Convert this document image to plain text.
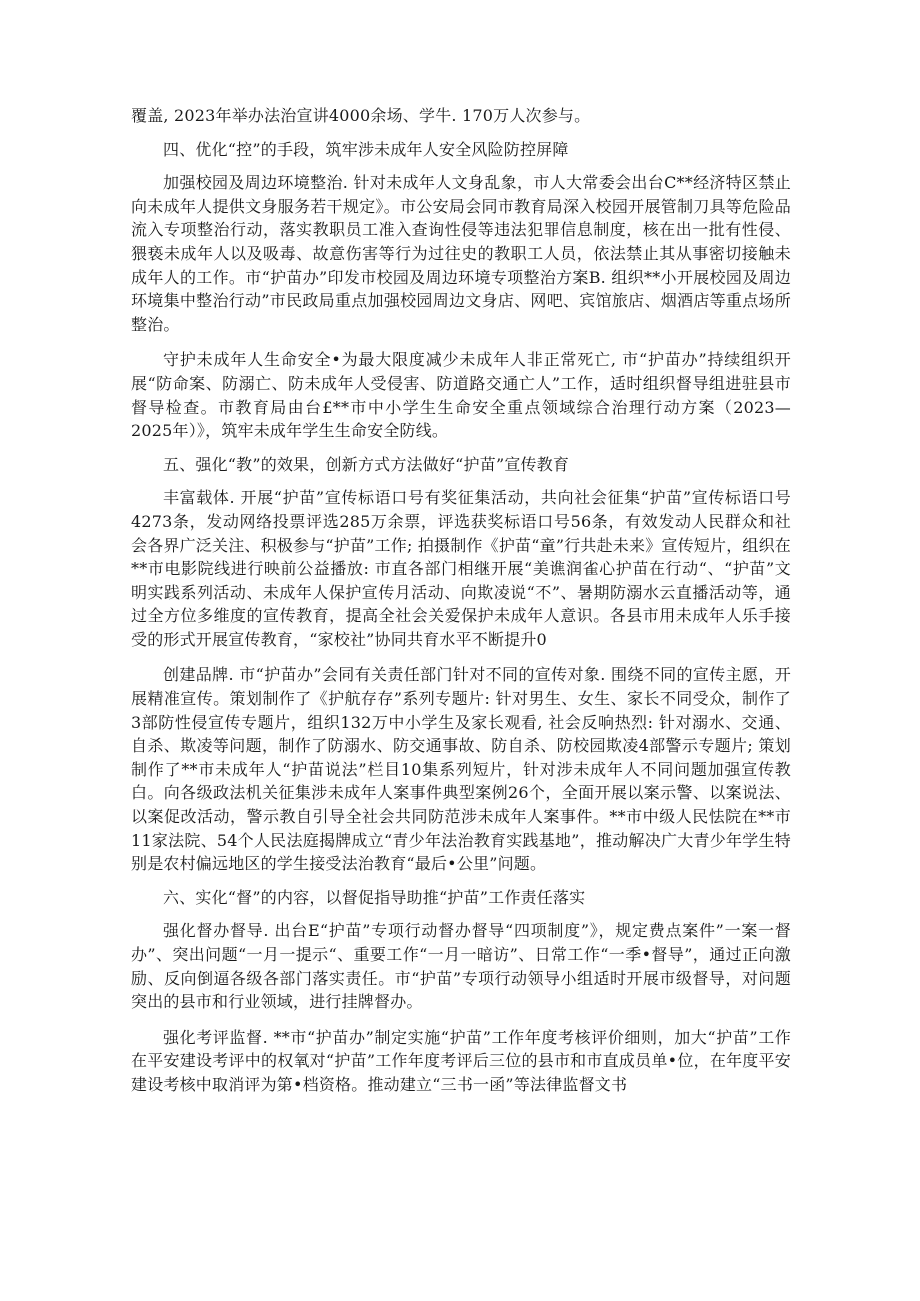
覆盖, 2023年举办法治宣讲4000余场、学牛. 170万人次参与。

四、优化“控”的手段，筑牢涉未成年人安全风险防控屏障

加强校园及周边环境整治. 针对未成年人文身乱象，市人大常委会出台C**经济特区禁止向未成年人提供文身服务若干规定》。市公安局会同市教育局深入校园开展管制刀具等危险品流入专项整治行动，落实教职员工准入查询性侵等违法犯罪信息制度，核在出一批有性侵、猥亵未成年人以及吸毒、故意伤害等行为过往史的教职工人员，依法禁止其从事密切接触未成年人的工作。市“护苗办”印发市校园及周边环境专项整治方案B. 组织**小开展校园及周边环境集中整治行动”市民政局重点加强校园周边文身店、网吧、宾馆旅店、烟酒店等重点场所整治。

守护未成年人生命安全•为最大限度减少未成年人非正常死亡, 市“护苗办”持续组织开展“防命案、防溺亡、防未成年人受侵害、防道路交通亡人”工作，适时组织督导组进驻县市督导检查。市教育局由台£**市中小学生生命安全重点领域综合治理行动方案（2023—2025年）》，筑牢未成年学生生命安全防线。

五、强化“教”的效果，创新方式方法做好“护苗”宣传教育

丰富载体. 开展“护苗”宣传标语口号有奖征集活动，共向社会征集“护苗”宣传标语口号4273条，发动网络投票评选285万余票，评选获奖标语口号56条，有效发动人民群众和社会各界广泛关注、积极参与“护苗”工作; 拍摄制作《护苗“童”行共赴未来》宣传短片，组织在**市电影院线进行映前公益播放: 市直各部门相继开展“美谯润雀心护苗在行动“、“护苗”文明实践系列活动、未成年人保护宣传月活动、向欺凌说“不”、暑期防溺水云直播活动等，通过全方位多维度的宣传教育，提高全社会关爱保护未成年人意识。各县市用未成年人乐手接受的形式开展宣传教育，“家校社”协同共育水平不断提升0

创建品牌. 市“护苗办”会同有关责任部门针对不同的宣传对象. 围绕不同的宣传主愿，开展精准宣传。策划制作了《护航存存”系列专题片: 针对男生、女生、家长不同受众，制作了3部防性侵宣传专题片，组织132万中小学生及家长观看, 社会反响热烈: 针对溺水、交通、自杀、欺凌等问题，制作了防溺水、防交通事故、防自杀、防校园欺凌4部警示专题片; 策划制作了**市未成年人“护苗说法”栏目10集系列短片，针对涉未成年人不同问题加强宣传教白。向各级政法机关征集涉未成年人案事件典型案例26个，全面开展以案示警、以案说法、以案促改活动，警示教自引导全社会共同防范涉未成年人案事件。**市中级人民怯院在**市11家法院、54个人民法庭揭牌成立“青少年法治教育实践基地”，推动解决广大青少年学生特别是农村偏远地区的学生接受法治教育“最后•公里”问题。

六、实化“督”的内容，以督促指导助推“护苗”工作责任落实

强化督办督导. 出台E“护苗”专项行动督办督导“四项制度”》，规定费点案件”一案一督办”、突出问题“一月一提示“、重要工作“一月一暗访”、日常工作“一季•督导”，通过正向激励、反向倒逼各级各部门落实责任。市“护苗”专项行动领导小组适时开展市级督导，对问题突出的县市和行业领域，进行挂牌督办。

强化考评监督. **市“护苗办”制定实施“护苗”工作年度考核评价细则，加大“护苗”工作在平安建设考评中的权氧对“护苗”工作年度考评后三位的县市和市直成员单•位，在年度平安建设考核中取消评为第•档资格。推动建立“三书一函”等法律监督文书
